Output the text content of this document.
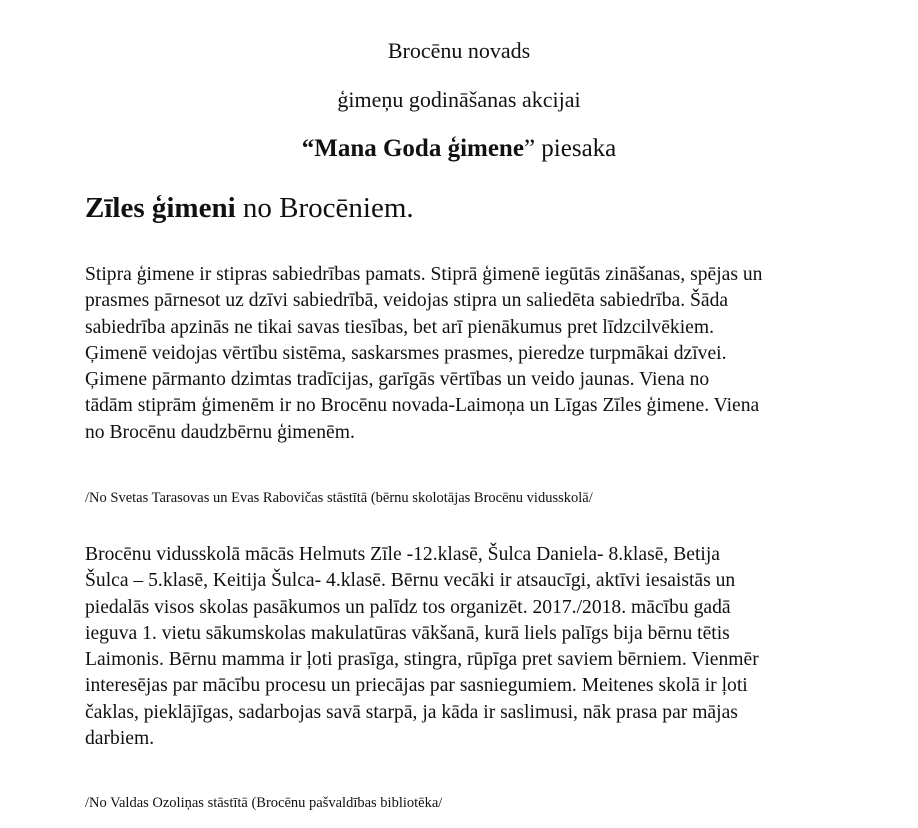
Brocēnu novads
ģimeņu godināšanas akcijai
“Mana Goda ģimene” piesaka
Zīles ģimeni no Brocēniem.
Stipra ģimene ir stipras sabiedrības pamats. Stiprā ģimenē iegūtās zināšanas, spējas un
prasmes pārnesot uz dzīvi sabiedrībā, veidojas stipra un saliedēta sabiedrība. Šāda
sabiedrība apzinās ne tikai savas tiesības, bet arī pienākumus pret līdzcilvēkiem.
Ģimenē veidojas vērtību sistēma, saskarsmes prasmes, pieredze turpmākai dzīvei.
Ģimene pārmanto dzimtas tradīcijas, garīgās vērtības un veido jaunas. Viena no
tādām stiprām ģimenēm ir no Brocēnu novada-Laimoņa un Līgas Zīles ģimene. Viena
no Brocēnu daudzbērnu ģimenēm.
/No Svetas Tarasovas un Evas Rabovičas stāstītā (bērnu skolotājas Brocēnu vidusskolā/
Brocēnu vidusskolā mācās Helmuts Zīle -12.klasē, Šulca Daniela- 8.klasē, Betija
Šulca – 5.klasē, Keitija Šulca- 4.klasē. Bērnu vecāki ir atsaucīgi, aktīvi iesaistās un
piedalās visos skolas pasākumos un palīdz tos organizēt. 2017./2018. mācību gadā
ieguva 1. vietu sākumskolas makulatūras vākšanā, kurā liels palīgs bija bērnu tētis
Laimonis. Bērnu mamma ir ļoti prasīga, stingra, rūpīga pret saviem bērniem. Vienmēr
interesējas par mācību procesu un priecājas par sasniegumiem. Meitenes skolā ir ļoti
čaklas, pieklājīgas, sadarbojas savā starpā, ja kāda ir saslimusi, nāk prasa par mājas
darbiem.
/No Valdas Ozoliņas stāstītā (Brocēnu pašvaldības bibliotēka/
